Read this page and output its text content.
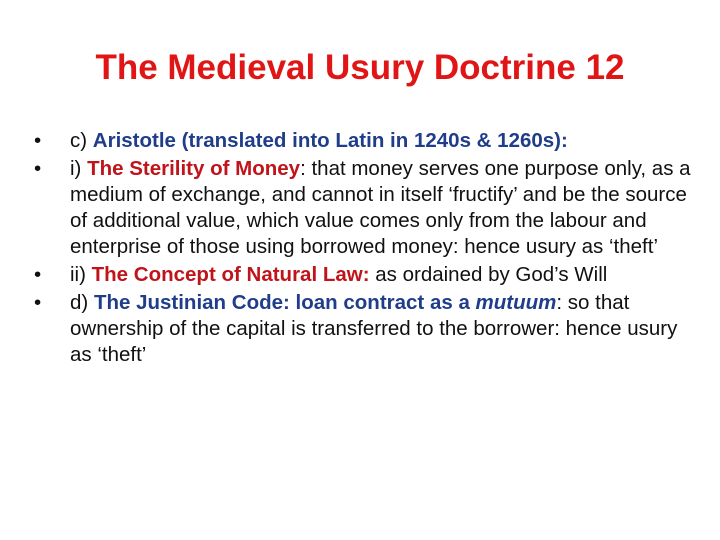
The Medieval Usury Doctrine 12
•	c) Aristotle (translated into Latin in 1240s & 1260s):
•	i) The Sterility of Money: that money serves one purpose only, as a medium of exchange, and cannot in itself ‘fructify’ and be the source of additional value, which value comes only from the labour and enterprise of those using borrowed money: hence usury as ‘theft’
•	ii) The Concept of Natural Law: as ordained by God’s Will
•	d) The Justinian Code: loan contract as a mutuum: so that ownership of the capital is transferred to the borrower: hence usury as ‘theft’
